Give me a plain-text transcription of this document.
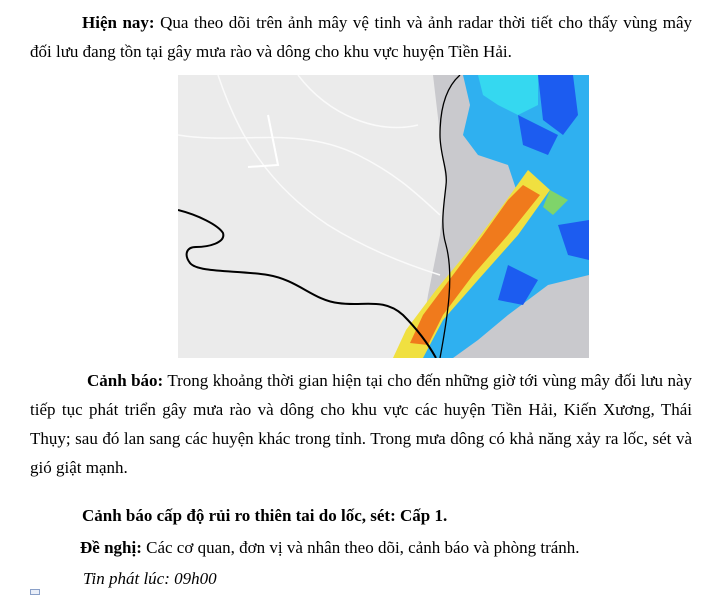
Hiện nay: Qua theo dõi trên ảnh mây vệ tinh và ảnh radar thời tiết cho thấy vùng mây đối lưu đang tồn tại gây mưa rào và dông cho khu vực huyện Tiền Hải.

Cảnh báo: Trong khoảng thời gian hiện tại cho đến những giờ tới vùng mây đối lưu này tiếp tục phát triển gây mưa rào và dông cho khu vực các huyện Tiền Hải, Kiến Xương, Thái Thụy; sau đó lan sang các huyện khác trong tỉnh. Trong mưa dông có khả năng xảy ra lốc, sét và gió giật mạnh.

Cảnh báo cấp độ rủi ro thiên tai do lốc, sét: Cấp 1.

Đề nghị: Các cơ quan, đơn vị và nhân theo dõi, cảnh báo và phòng tránh.

Tin phát lúc: 09h00
